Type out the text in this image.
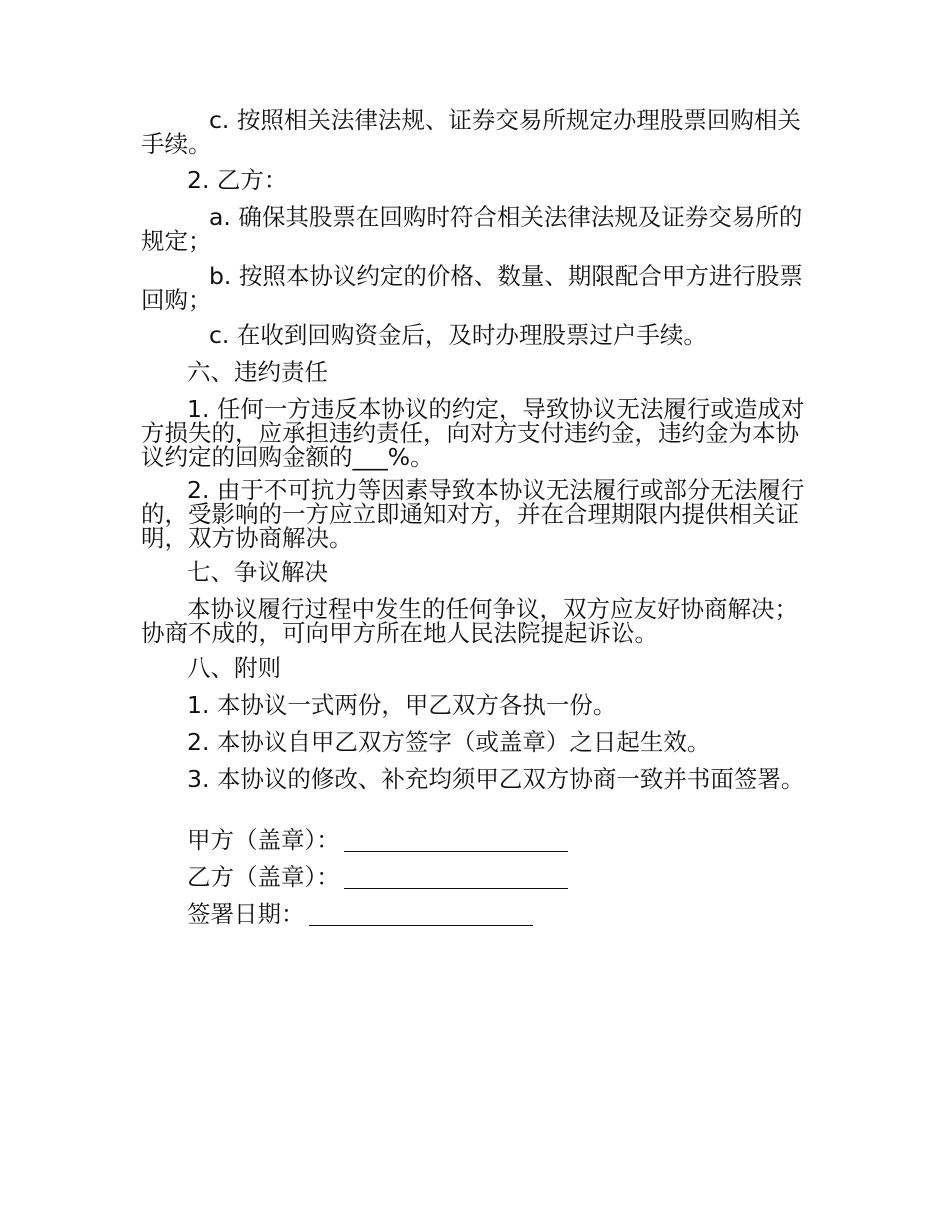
c. 按照相关法律法规、证券交易所规定办理股票回购相关手续。

2. 乙方：

a. 确保其股票在回购时符合相关法律法规及证券交易所的规定；

b. 按照本协议约定的价格、数量、期限配合甲方进行股票回购；

c. 在收到回购资金后，及时办理股票过户手续。

六、违约责任

1. 任何一方违反本协议的约定，导致协议无法履行或造成对方损失的，应承担违约责任，向对方支付违约金，违约金为本协议约定的回购金额的___%。

2. 由于不可抗力等因素导致本协议无法履行或部分无法履行的，受影响的一方应立即通知对方，并在合理期限内提供相关证明，双方协商解决。

七、争议解决

本协议履行过程中发生的任何争议，双方应友好协商解决；协商不成的，可向甲方所在地人民法院提起诉讼。

八、附则

1. 本协议一式两份，甲乙双方各执一份。

2. 本协议自甲乙双方签字（或盖章）之日起生效。

3. 本协议的修改、补充均须甲乙双方协商一致并书面签署。

甲方（盖章）：
乙方（盖章）：
签署日期：
